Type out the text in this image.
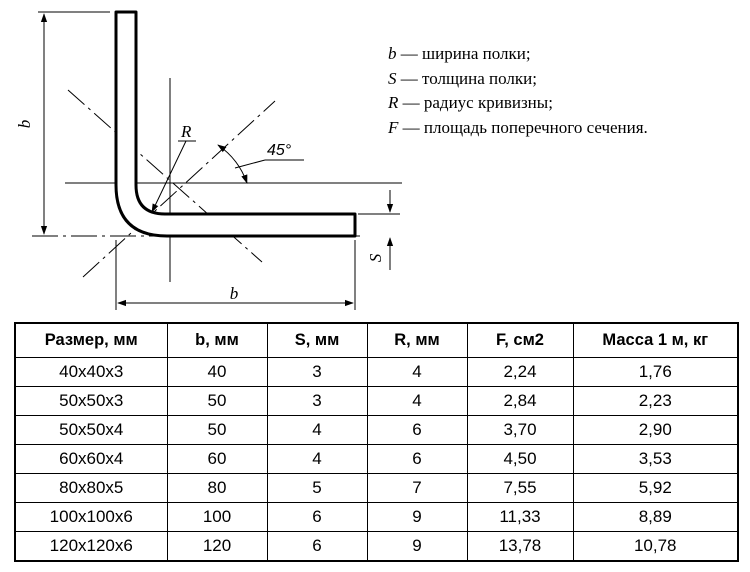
b
b
S
R
45°
b — ширина полки;
S — толщина полки;
R — радиус кривизны;
F — площадь поперечного сечения.
Размер, мм	b, мм	S, мм	R, мм	F, см2	Масса 1 м, кг
40x40x3	40	3	4	2,24	1,76
50x50x3	50	3	4	2,84	2,23
50x50x4	50	4	6	3,70	2,90
60x60x4	60	4	6	4,50	3,53
80x80x5	80	5	7	7,55	5,92
100x100x6	100	6	9	11,33	8,89
120x120x6	120	6	9	13,78	10,78
